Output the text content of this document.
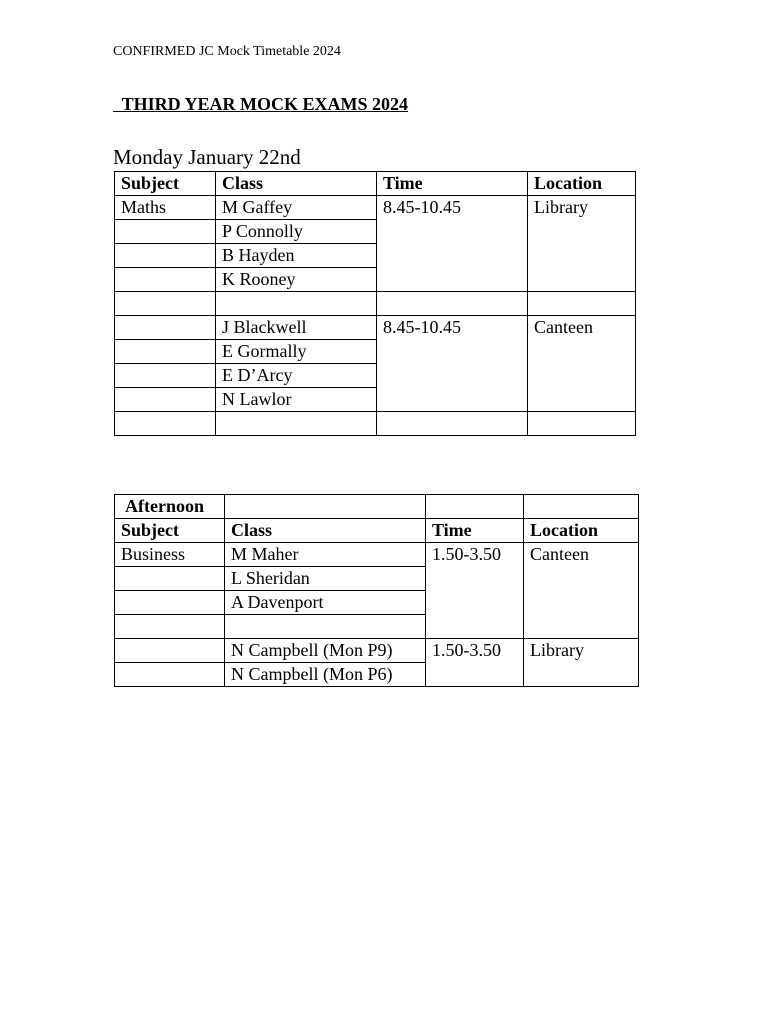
CONFIRMED JC Mock Timetable 2024
THIRD YEAR MOCK EXAMS 2024
Monday January 22nd
Subject	Class	Time	Location
Maths	M Gaffey	8.45-10.45	Library
	P Connolly		
	B Hayden		
	K Rooney		

	J Blackwell	8.45-10.45	Canteen
	E Gormally		
	E D’Arcy		
	N Lawlor		

Afternoon			
Subject	Class	Time	Location
Business	M Maher	1.50-3.50	Canteen
	L Sheridan		
	A Davenport		

	N Campbell (Mon P9)	1.50-3.50	Library
	N Campbell (Mon P6)		
